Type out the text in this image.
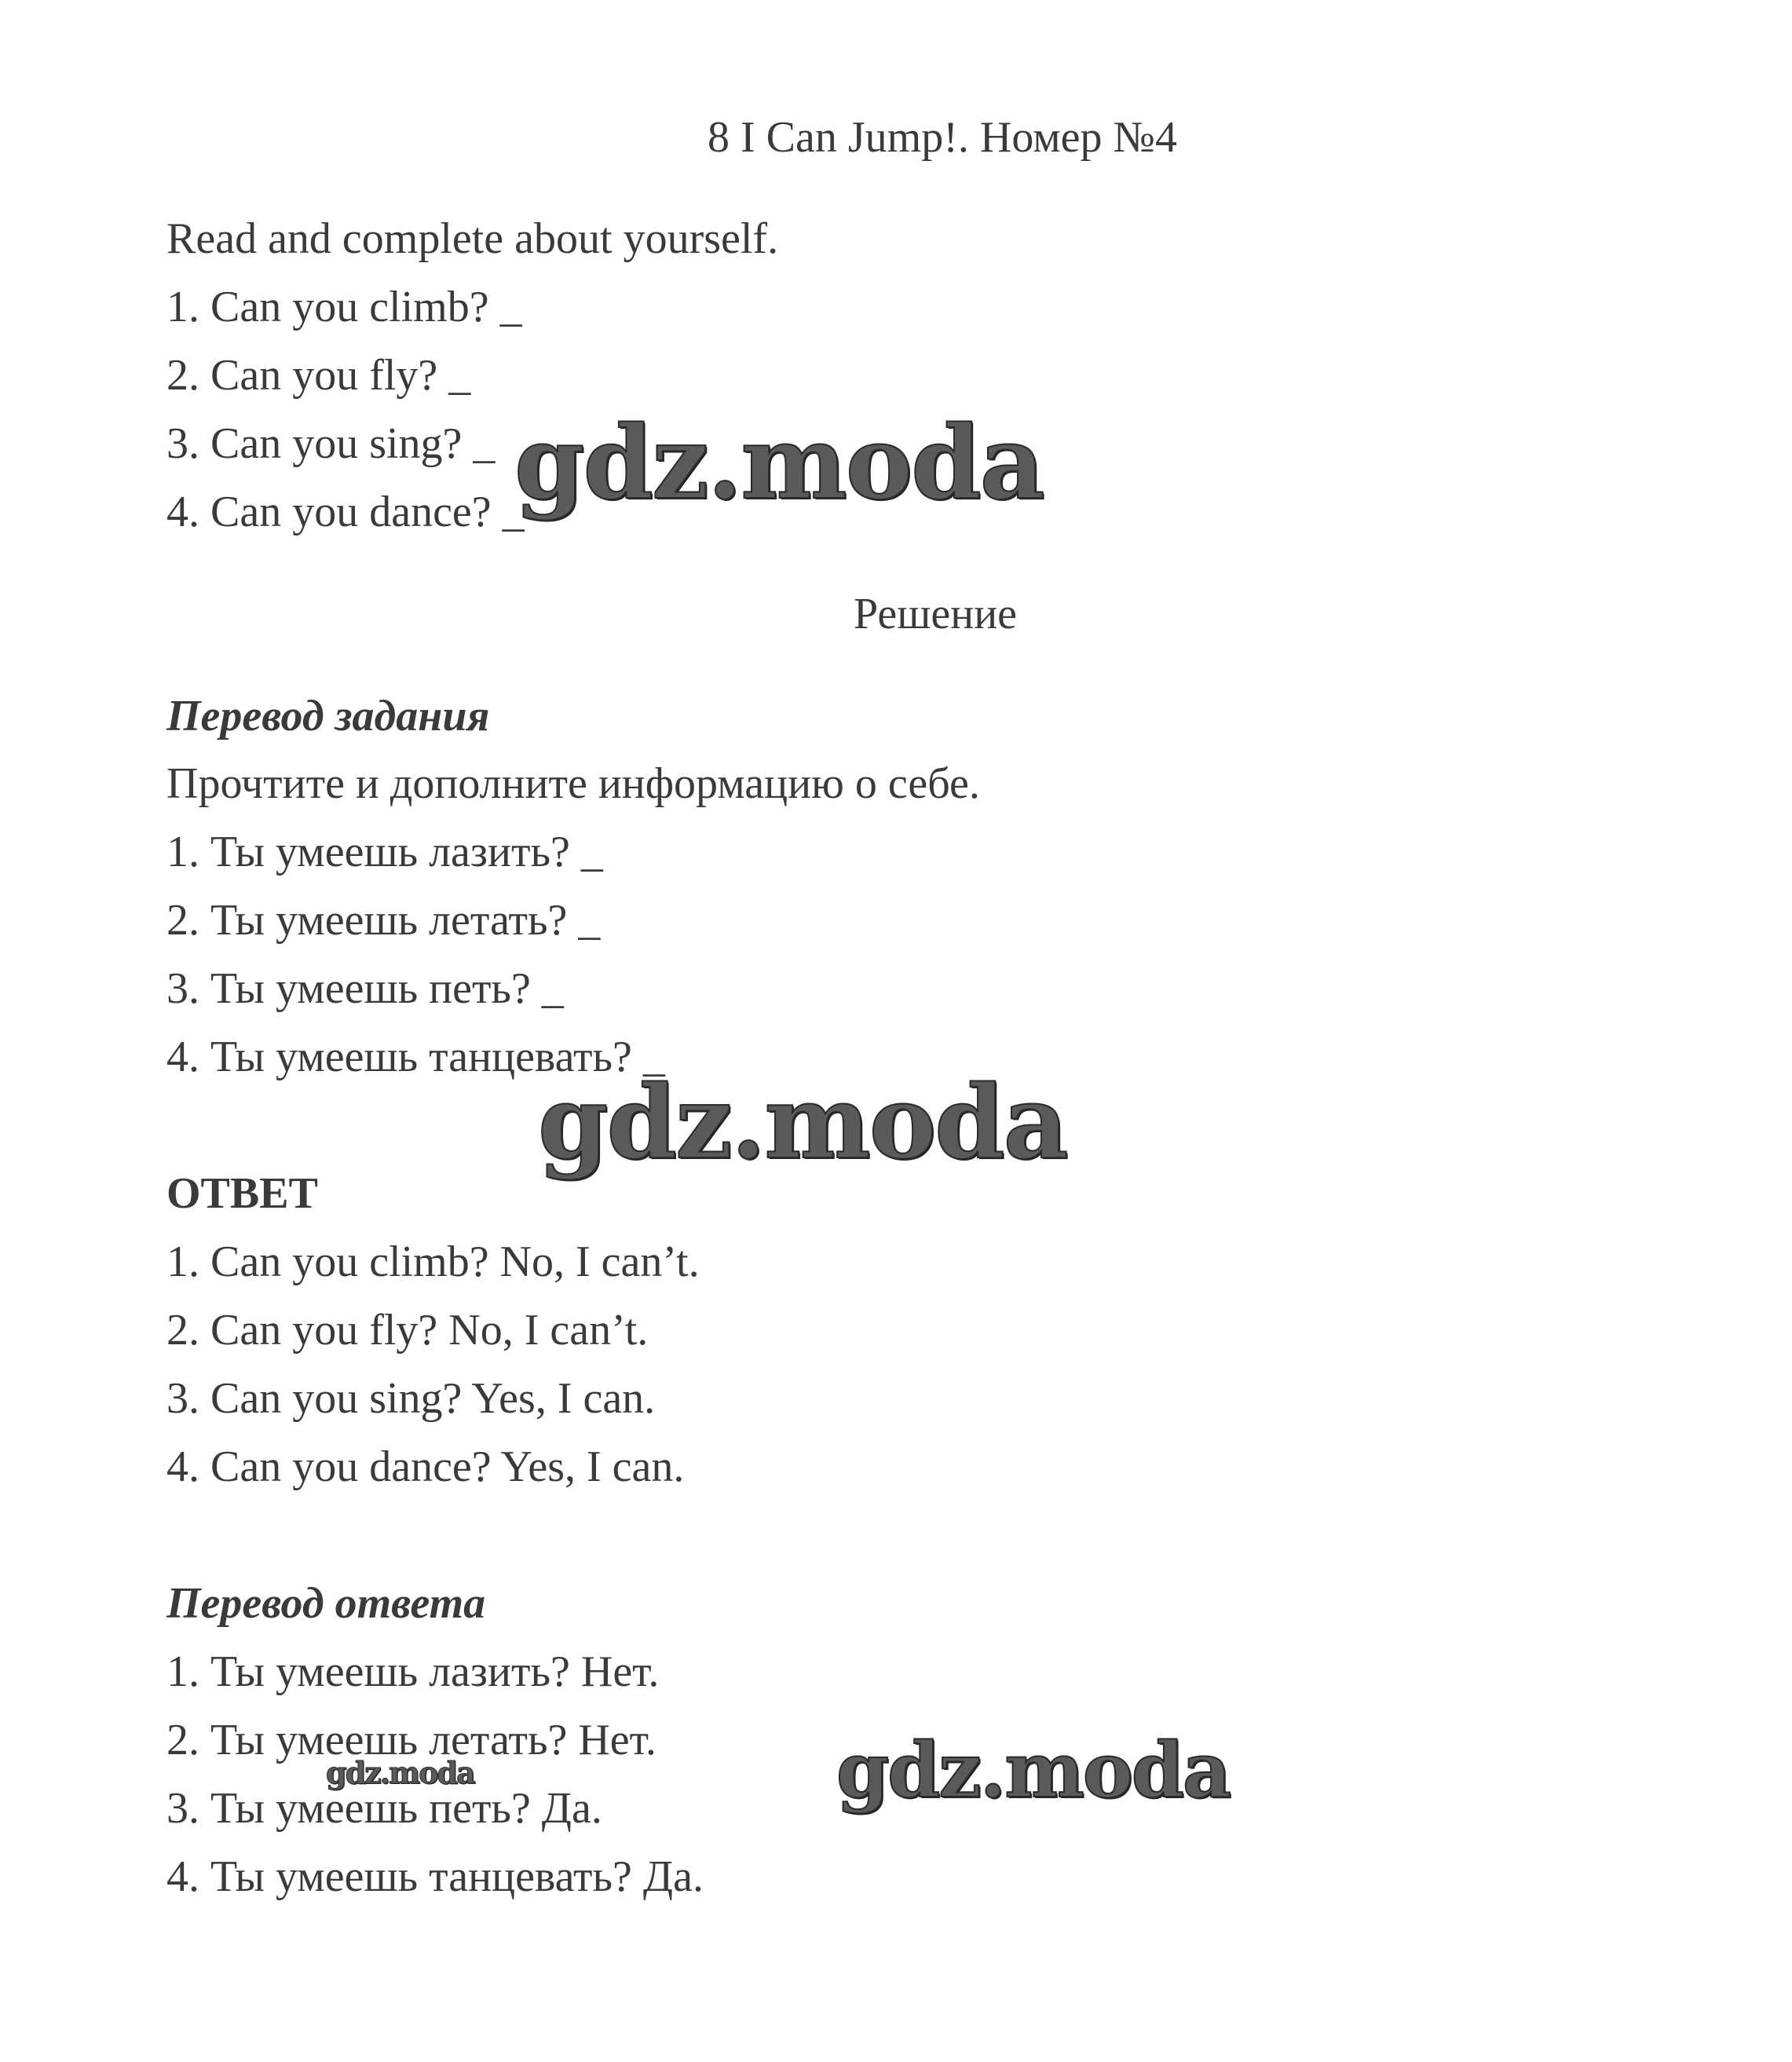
8 I Can Jump!. Номер №4
Read and complete about yourself.
1. Can you climb? _
2. Can you fly? _
3. Can you sing? _
4. Can you dance? _
Решение
Перевод задания
Прочтите и дополните информацию о себе.
1. Ты умеешь лазить? _
2. Ты умеешь летать? _
3. Ты умеешь петь? _
4. Ты умеешь танцевать? _
ОТВЕТ
1. Can you climb? No, I can’t.
2. Can you fly? No, I can’t.
3. Can you sing? Yes, I can.
4. Can you dance? Yes, I can.
Перевод ответа
1. Ты умеешь лазить? Нет.
2. Ты умеешь летать? Нет.
3. Ты умеешь петь? Да.
4. Ты умеешь танцевать? Да.
gdz.moda
gdz.moda
gdz.moda
gdz.moda
